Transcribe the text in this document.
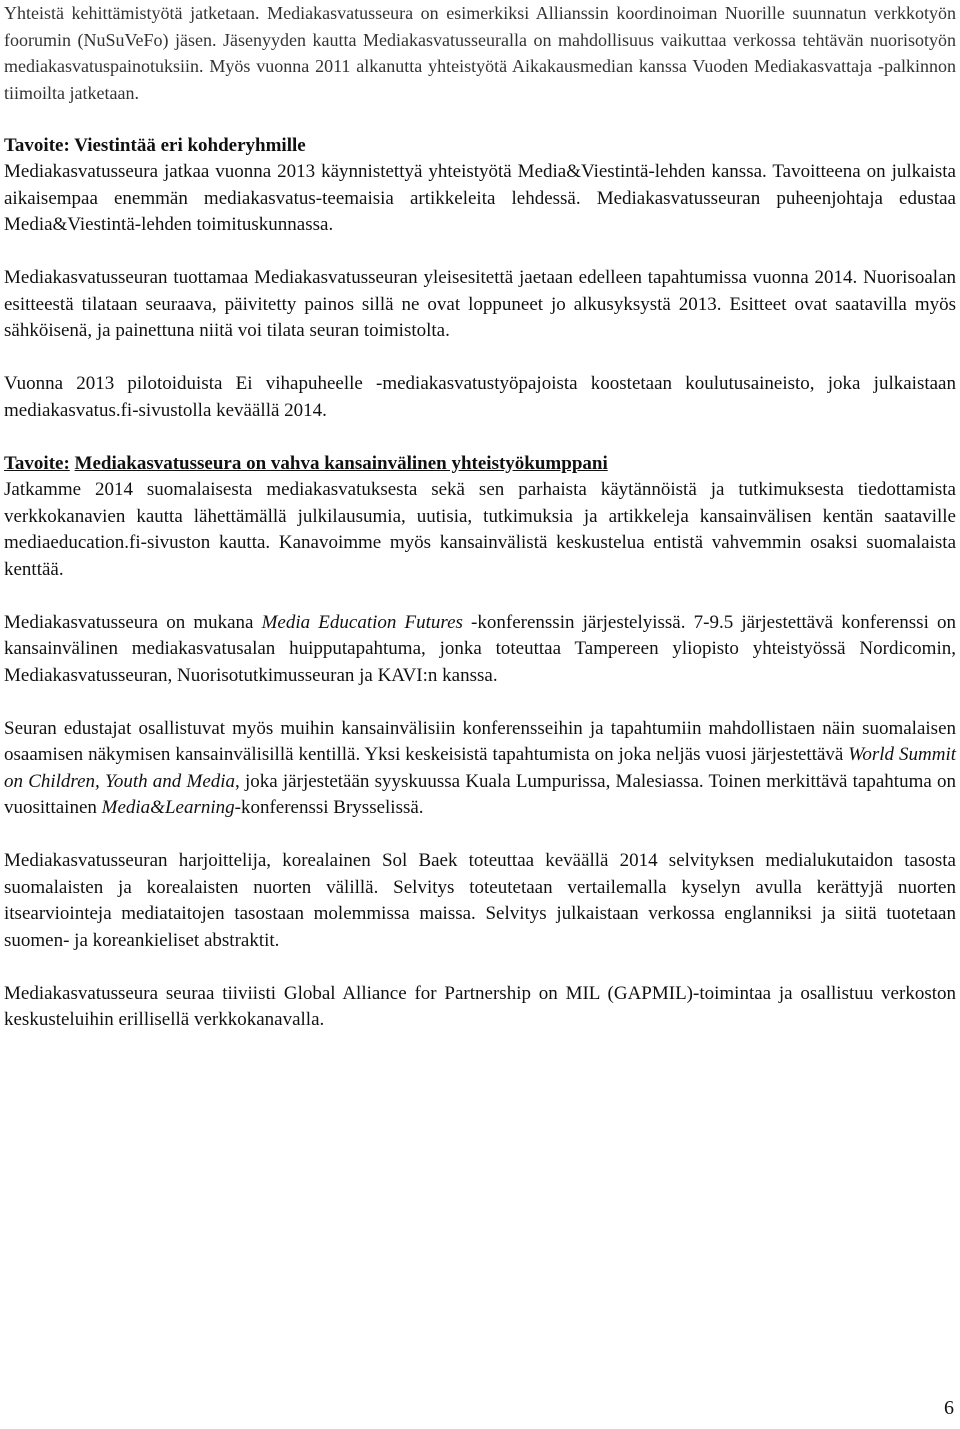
Yhteistä kehittämistyötä jatketaan. Mediakasvatusseura on esimerkiksi Allianssin koordinoiman Nuorille suunnatun verkkotyön foorumin (NuSuVeFo) jäsen. Jäsenyyden kautta Mediakasvatusseuralla on mahdollisuus vaikuttaa verkossa tehtävän nuorisotyön mediakasvatuspainotuksiin. Myös vuonna 2011 alkanutta yhteistyötä Aikakausmedian kanssa Vuoden Mediakasvattaja -palkinnon tiimoilta jatketaan.

Tavoite: Viestintää eri kohderyhmille

Mediakasvatusseura jatkaa vuonna 2013 käynnistettyä yhteistyötä Media&Viestintä-lehden kanssa. Tavoitteena on julkaista aikaisempaa enemmän mediakasvatus-teemaisia artikkeleita lehdessä. Mediakasvatusseuran puheenjohtaja edustaa Media&Viestintä-lehden toimituskunnassa.

Mediakasvatusseuran tuottamaa Mediakasvatusseuran yleisesitettä jaetaan edelleen tapahtumissa vuonna 2014. Nuorisoalan esitteestä tilataan seuraava, päivitetty painos sillä ne ovat loppuneet jo alkusyksystä 2013. Esitteet ovat saatavilla myös sähköisenä, ja painettuna niitä voi tilata seuran toimistolta.

Vuonna 2013 pilotoiduista Ei vihapuheelle -mediakasvatustyöpajoista koostetaan koulutusaineisto, joka julkaistaan mediakasvatus.fi-sivustolla keväällä 2014.

Tavoite: Mediakasvatusseura on vahva kansainvälinen yhteistyökumppani

Jatkamme 2014 suomalaisesta mediakasvatuksesta sekä sen parhaista käytännöistä ja tutkimuksesta tiedottamista verkkokanavien kautta lähettämällä julkilausumia, uutisia, tutkimuksia ja artikkeleja kansainvälisen kentän saataville mediaeducation.fi-sivuston kautta. Kanavoimme myös kansainvälistä keskustelua entistä vahvemmin osaksi suomalaista kenttää.

Mediakasvatusseura on mukana Media Education Futures -konferenssin järjestelyissä. 7-9.5 järjestettävä konferenssi on kansainvälinen mediakasvatusalan huipputapahtuma, jonka toteuttaa Tampereen yliopisto yhteistyössä Nordicomin, Mediakasvatusseuran, Nuorisotutkimusseuran ja KAVI:n kanssa.

Seuran edustajat osallistuvat myös muihin kansainvälisiin konferensseihin ja tapahtumiin mahdollistaen näin suomalaisen osaamisen näkymisen kansainvälisillä kentillä. Yksi keskeisistä tapahtumista on joka neljäs vuosi järjestettävä World Summit on Children, Youth and Media, joka järjestetään syyskuussa Kuala Lumpurissa, Malesiassa. Toinen merkittävä tapahtuma on vuosittainen Media&Learning-konferenssi Brysselissä.

Mediakasvatusseuran harjoittelija, korealainen Sol Baek toteuttaa keväällä 2014 selvityksen medialukutaidon tasosta suomalaisten ja korealaisten nuorten välillä. Selvitys toteutetaan vertailemalla kyselyn avulla kerättyjä nuorten itsearviointeja mediataitojen tasostaan molemmissa maissa. Selvitys julkaistaan verkossa englanniksi ja siitä tuotetaan suomen- ja koreankieliset abstraktit.

Mediakasvatusseura seuraa tiiviisti Global Alliance for Partnership on MIL (GAPMIL)-toimintaa ja osallistuu verkoston keskusteluihin erillisellä verkkokanavalla.

6
